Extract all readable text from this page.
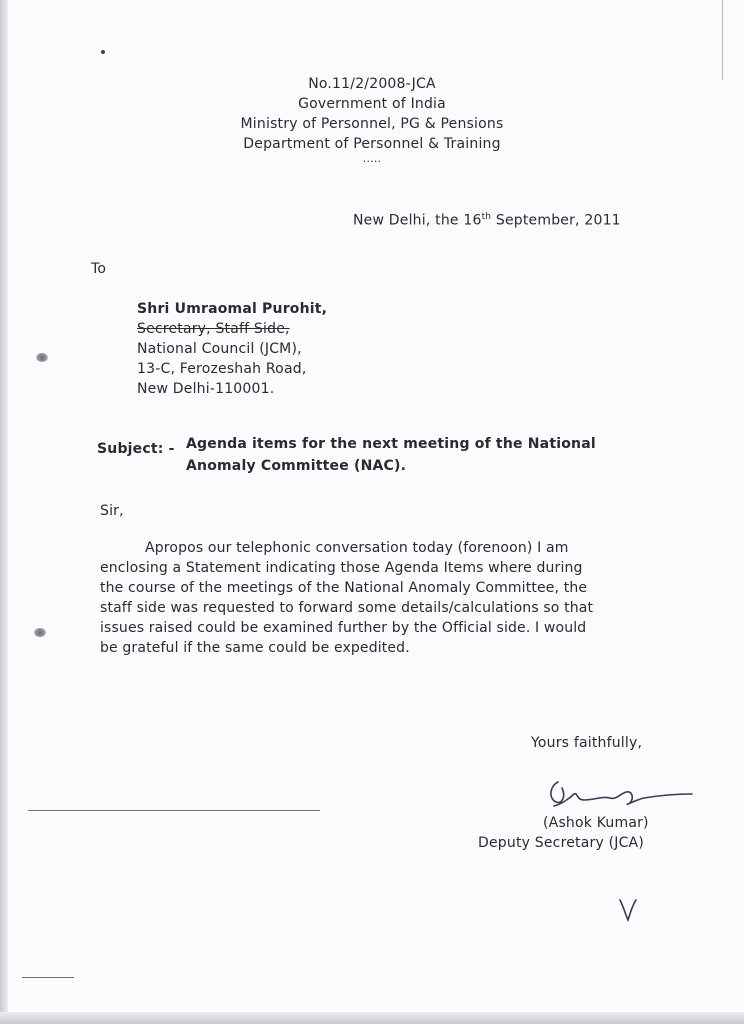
No.11/2/2008-JCA
Government of India
Ministry of Personnel, PG & Pensions
Department of Personnel & Training
.....
New Delhi, the 16th September, 2011
To
Shri Umraomal Purohit,
Secretary, Staff Side,
National Council (JCM),
13-C, Ferozeshah Road,
New Delhi-110001.
Subject: - Agenda items for the next meeting of the National
Anomaly Committee (NAC).
Sir,
Apropos our telephonic conversation today (forenoon) I am
enclosing a Statement indicating those Agenda Items where during
the course of the meetings of the National Anomaly Committee, the
staff side was requested to forward some details/calculations so that
issues raised could be examined further by the Official side. I would
be grateful if the same could be expedited.
Yours faithfully,
(Ashok Kumar)
Deputy Secretary (JCA)
